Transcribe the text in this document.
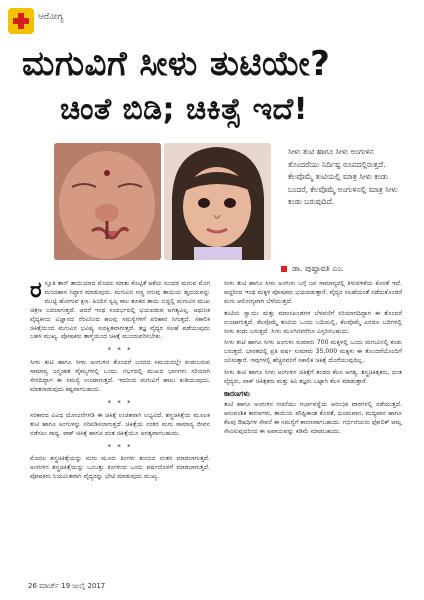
ಆರೋಗ್ಯ
ಮಗುವಿಗೆ ಸೀಳು ತುಟಿಯೇ?
ಚಿಂತೆ ಬಿಡಿ; ಚಿಕಿತ್ಸೆ ಇದೆ!
ಸೀಳು ತುಟಿ ಹಾಗೂ ಸೀಳು ಅಂಗುಳಿನ ತೊಂದರೆಯು ನಿರ್ದಿಷ್ಟ ರೂಪದಲ್ಲಿರುತ್ತದೆ. ಕೆಲವೊಮ್ಮೆ ತುಟಿಯಲ್ಲಿ ಮಾತ್ರ ಸೀಳು ಕಂಡು ಬಂದರೆ, ಕೆಲವೊಮ್ಮೆ ಅಂಗುಳಿನಲ್ಲಿ ಮಾತ್ರ ಸೀಳು ಕಂಡು ಬರುವುದಿದೆ.
ಡಾ. ಪುಷ್ಪಾವತಿ ಎಂ.

ರ ಸ್ತೂತಿ ತಾನ್ ತಾಯಿಯಾದ ಮೊದಲ ಮಾತು ಕೊಟ್ಟಿತೆ ಅಕೆಯ ಸುಂದರ ಮಗುವ ಮೊಗ ಮಂದಹಾಸ ಸಿದ್ಧಾರ ಮಾಡುವುದು. ಮಗುವಿನ ಸಣ್ಣ ನಗುವು ತಾಯಿಯ ಹೃದಯವನ್ನು ಮುಟ್ಟಿ ಹೋಗುವ ಕ್ಷಣ. ಹಿಂದಿನ ಸ್ವಲ್ಪ ಕಾಲ ತೂಕದ ತಾಯಿ ಬಿದ್ದಲ್ಲಿ ಮಗುವಿನ ಮುಖ ಚಿತ್ರಣ ಬದಲಾಗುತ್ತದೆ. ಆದರೆ ಇಂಥ ಸಂದರ್ಭದಲ್ಲಿ ಭಯಪಡುವ ಅಗತ್ಯವಿಲ್ಲ. ಆಧುನಿಕ ವೈದ್ಯಕೀಯ ವಿಜ್ಞಾನದ ನೆರವಿನಿಂದ ಹಲವು ಸಮಸ್ಯೆಗಳಿಗೆ ಪರಿಹಾರ ಸಿಗುತ್ತದೆ. ಸಕಾಲಿಕ ಚಿಕಿತ್ಸೆಯಿಂದ ಮಗುವಿನ ಭವಿಷ್ಯ ಸುರಕ್ಷಿತವಾಗುತ್ತದೆ. ತಜ್ಞ ವೈದ್ಯರ ಸಲಹೆ ಪಡೆಯುವುದು ಬಹಳ ಮುಖ್ಯ. ಪೋಷಕರು ತಾಳ್ಮೆಯಿಂದ ಚಿಕಿತ್ಸೆ ಮುಂದುವರಿಸಬೇಕು.

* * *

ಸೀಳು ತುಟಿ ಹಾಗೂ ಸೀಳು ಅಂಗುಳಿನ ತೊಂದರೆ ಜನನದ ಸಮಯದಲ್ಲೇ ಕಂಡುಬರುವ ಸಾಮಾನ್ಯ ಜನ್ಮಜಾತ ವೈಕಲ್ಯಗಳಲ್ಲಿ ಒಂದು. ಗರ್ಭದಲ್ಲಿ ಮುಖದ ಭಾಗಗಳು ಸರಿಯಾಗಿ ಸೇರದಿದ್ದಾಗ ಈ ಸಮಸ್ಯೆ ಉಂಟಾಗುತ್ತದೆ. ಇದರಿಂದ ಮಗುವಿಗೆ ಹಾಲು ಕುಡಿಯುವುದು, ಮಾತನಾಡುವುದು ಕಷ್ಟವಾಗಬಹುದು.

* * *

ಸರಕಾರದ ವಿವಿಧ ಯೋಜನೆಗಳಡಿ ಈ ಚಿಕಿತ್ಸೆ ಉಚಿತವಾಗಿ ಲಭ್ಯವಿದೆ. ಶಸ್ತ್ರಚಿಕಿತ್ಸೆಯ ಮೂಲಕ ತುಟಿ ಹಾಗೂ ಅಂಗುಳನ್ನು ಸರಿಪಡಿಸಲಾಗುತ್ತದೆ. ಚಿಕಿತ್ಸೆಯ ನಂತರ ಮಗು ಸಾಮಾನ್ಯ ಜೀವನ ನಡೆಸಲು ಸಾಧ್ಯ. ವಾಕ್ ಚಿಕಿತ್ಸೆ ಹಾಗೂ ದಂತ ಚಿಕಿತ್ಸೆಯೂ ಅಗತ್ಯವಾಗಬಹುದು.

* * *

ಮೊದಲ ಶಸ್ತ್ರಚಿಕಿತ್ಸೆಯನ್ನು ಮಗು ಮೂರು ತಿಂಗಳು ತುಂಬಿದ ನಂತರ ಮಾಡಲಾಗುತ್ತದೆ. ಅಂಗುಳಿನ ಶಸ್ತ್ರಚಿಕಿತ್ಸೆಯನ್ನು ಒಂಬತ್ತು ತಿಂಗಳಿಂದ ಒಂದು ವರ್ಷದೊಳಗೆ ಮಾಡಲಾಗುತ್ತದೆ. ಪೋಷಕರು ನಿಯಮಿತವಾಗಿ ವೈದ್ಯರನ್ನು ಭೇಟಿ ಮಾಡುವುದು ಮುಖ್ಯ.

ಸೀಳು ತುಟಿ ಹಾಗೂ ಸೀಳು ಅಂಗುಳು ಬಗ್ಗೆ ಜನ ಸಾಮಾನ್ಯರಲ್ಲಿ ತಿಳುವಳಿಕೆಯ ಕೊರತೆ ಇದೆ. ಆದ್ದರಿಂದ ಇಂಥ ಮಕ್ಕಳ ಪೋಷಕರು ಭಯಪಡುತ್ತಾರೆ. ವೈದ್ಯರ ಸಲಹೆಯಂತೆ ನಡೆದುಕೊಂಡರೆ ಮಗು ಆರೋಗ್ಯವಾಗಿ ಬೆಳೆಯುತ್ತದೆ.

ತುಟಿಯ ಸ್ವಾಯು ಮತ್ತು ಮಾಂಸಖಂಡಗಳ ಬೆಳವಣಿಗೆ ಸರಿಯಾಗದಿದ್ದಾಗ ಈ ತೊಂದರೆ ಉಂಟಾಗುತ್ತದೆ. ಕೆಲವೊಮ್ಮೆ ತುಟಿಯ ಒಂದು ಬದಿಯಲ್ಲಿ, ಕೆಲವೊಮ್ಮೆ ಎರಡೂ ಬದಿಗಳಲ್ಲಿ ಸೀಳು ಕಂಡು ಬರುತ್ತದೆ. ಸೀಳು ಮೂಗಿನವರೆಗೂ ವಿಸ್ತರಿಸಬಹುದು.

ಸೀಳು ತುಟಿ ಹಾಗೂ ಸೀಳು ಅಂಗುಳು ಸುಮಾರು 700 ಮಕ್ಕಳಲ್ಲಿ ಒಂದು ಮಗುವಿನಲ್ಲಿ ಕಂಡು ಬರುತ್ತದೆ. ಭಾರತದಲ್ಲಿ ಪ್ರತಿ ವರ್ಷ ಸುಮಾರು 35,000 ಮಕ್ಕಳು ಈ ತೊಂದರೆಯೊಂದಿಗೆ ಜನಿಸುತ್ತಾರೆ. ಇವುಗಳಲ್ಲಿ ಹೆಚ್ಚಿನವರಿಗೆ ಸಕಾಲಿಕ ಚಿಕಿತ್ಸೆ ದೊರೆಯುವುದಿಲ್ಲ.

ಸೀಳು ತುಟಿ ಹಾಗೂ ಸೀಳು ಅಂಗುಳಿನ ಚಿಕಿತ್ಸೆಗೆ ತಂಡದ ಕೆಲಸ ಅಗತ್ಯ. ಶಸ್ತ್ರಚಿಕಿತ್ಸಕರು, ದಂತ ವೈದ್ಯರು, ವಾಕ್ ಚಿಕಿತ್ಸಕರು ಮತ್ತು ಕಿವಿ ತಜ್ಞರು ಒಟ್ಟಾಗಿ ಕೆಲಸ ಮಾಡುತ್ತಾರೆ.

ಕಾರಣಗಳು

ತುಟಿ ಹಾಗೂ ಅಂಗುಳಿನ ರಚನೆಯು ಗರ್ಭಾವಸ್ಥೆಯ ಆರಂಭಿಕ ವಾರಗಳಲ್ಲಿ ನಡೆಯುತ್ತದೆ. ಆನುವಂಶಿಕ ಕಾರಣಗಳು, ತಾಯಿಯ ಪೌಷ್ಟಿಕಾಂಶ ಕೊರತೆ, ಧೂಮಪಾನ, ಮದ್ಯಪಾನ ಹಾಗೂ ಕೆಲವು ಔಷಧಿಗಳ ಸೇವನೆ ಈ ಸಮಸ್ಯೆಗೆ ಕಾರಣವಾಗಬಹುದು. ಗರ್ಭಿಣಿಯರು ಫೋಲಿಕ್ ಆಮ್ಲ ಸೇವಿಸುವುದರಿಂದ ಈ ಅಪಾಯವನ್ನು ಕಡಿಮೆ ಮಾಡಬಹುದು.

26 ಮಾರ್ಚ್ 19 ಜುಲೈ 2017
